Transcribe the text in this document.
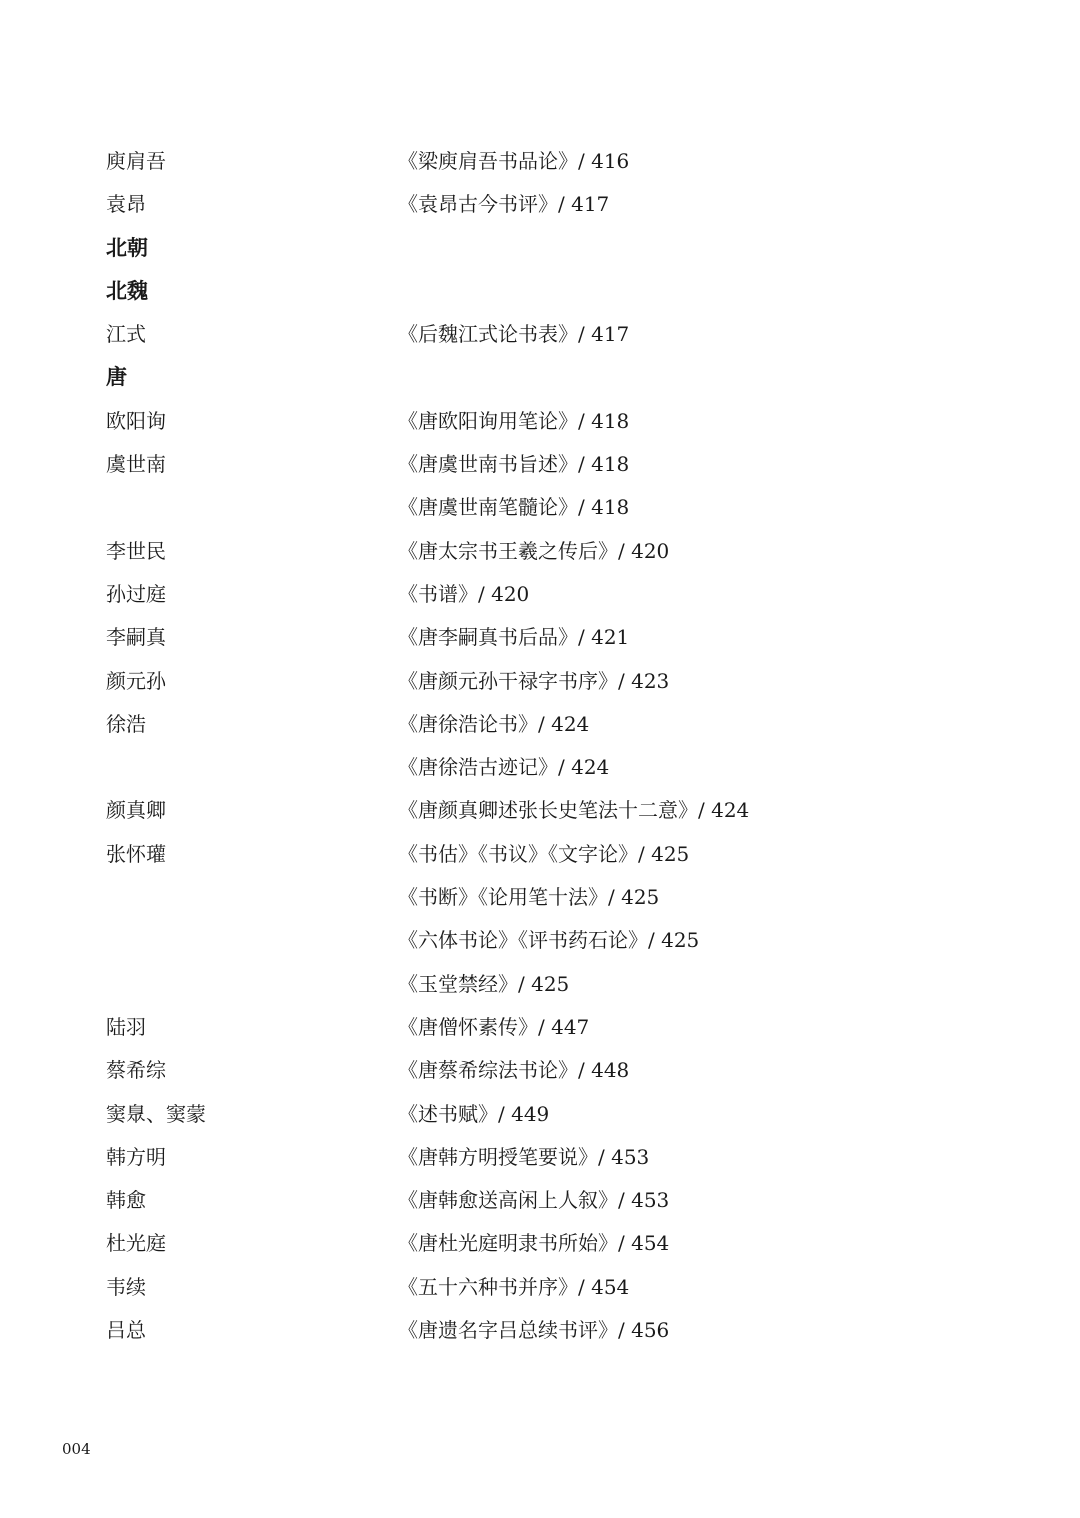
庾肩吾	《梁庾肩吾书品论》/ 416
袁昂	《袁昂古今书评》/ 417
北朝
北魏
江式	《后魏江式论书表》/ 417
唐
欧阳询	《唐欧阳询用笔论》/ 418
虞世南	《唐虞世南书旨述》/ 418
《唐虞世南笔髓论》/ 418
李世民	《唐太宗书王羲之传后》/ 420
孙过庭	《书谱》/ 420
李嗣真	《唐李嗣真书后品》/ 421
颜元孙	《唐颜元孙干禄字书序》/ 423
徐浩	《唐徐浩论书》/ 424
《唐徐浩古迹记》/ 424
颜真卿	《唐颜真卿述张长史笔法十二意》/ 424
张怀瓘	《书估》《书议》《文字论》/ 425
《书断》《论用笔十法》/ 425
《六体书论》《评书药石论》/ 425
《玉堂禁经》/ 425
陆羽	《唐僧怀素传》/ 447
蔡希综	《唐蔡希综法书论》/ 448
窦臮、窦蒙	《述书赋》/ 449
韩方明	《唐韩方明授笔要说》/ 453
韩愈	《唐韩愈送高闲上人叙》/ 453
杜光庭	《唐杜光庭明隶书所始》/ 454
韦续	《五十六种书并序》/ 454
吕总	《唐遗名字吕总续书评》/ 456
004
